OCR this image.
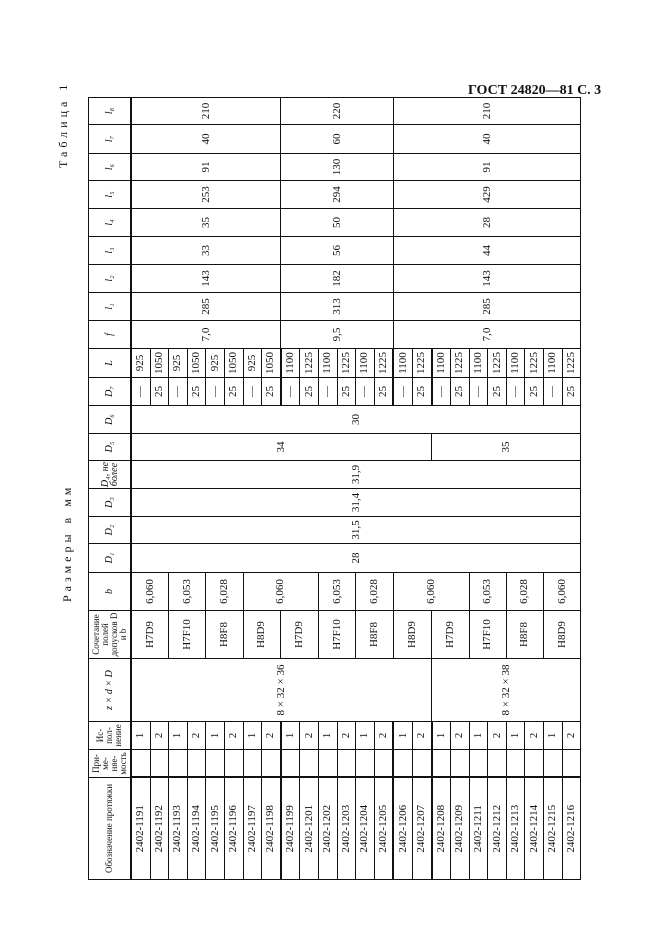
ГОСТ 24820—81 С. 3
Таблица 1
Размеры в мм
Обозначение протяжки	При-ме-няе-мость	Ис-пол-нение	z × d × D	Сочетание полей допусков D и b	b	D₁	D₂	D₃	D₄, не более	D₅	D₆	D₇	L	f	l₁	l₂	l₃	l₄	l₅	l₆	l₇	l₈
2402-1191		1	8 × 32 × 36	H7D9	6,060	28	31,5	31,4	31,9	34	30	—	925	7,0	285	143	33	35	253	91	40	210
2402-1192		2										25	1050									
2402-1193		1		H7F10	6,053							—	925									
2402-1194		2										25	1050									
2402-1195		1		H8F8	6,028							—	925									
2402-1196		2										25	1050									
2402-1197		1		H8D9	6,060							—	925									
2402-1198		2										25	1050									
2402-1199		1		H7D9								—	1100	9,5	313	182	56	50	294	130	60	220
2402-1201		2										25	1225									
2402-1202		1		H7F10	6,053							—	1100									
2402-1203		2										25	1225									
2402-1204		1		H8F8	6,028							—	1100									
2402-1205		2										25	1225									
2402-1206		1		H8D9	6,060							—	1100	7,0	285	143	44	28	429	91	40	210
2402-1207		2										25	1225									
2402-1208		1	8 × 32 × 38	H7D9						35		—	1100									
2402-1209		2										25	1225									
2402-1211		1		H7F10	6,053							—	1100									
2402-1212		2										25	1225									
2402-1213		1		H8F8	6,028							—	1100									
2402-1214		2										25	1225									
2402-1215		1		H8D9	6,060							—	1100									
2402-1216		2										25	1225									
